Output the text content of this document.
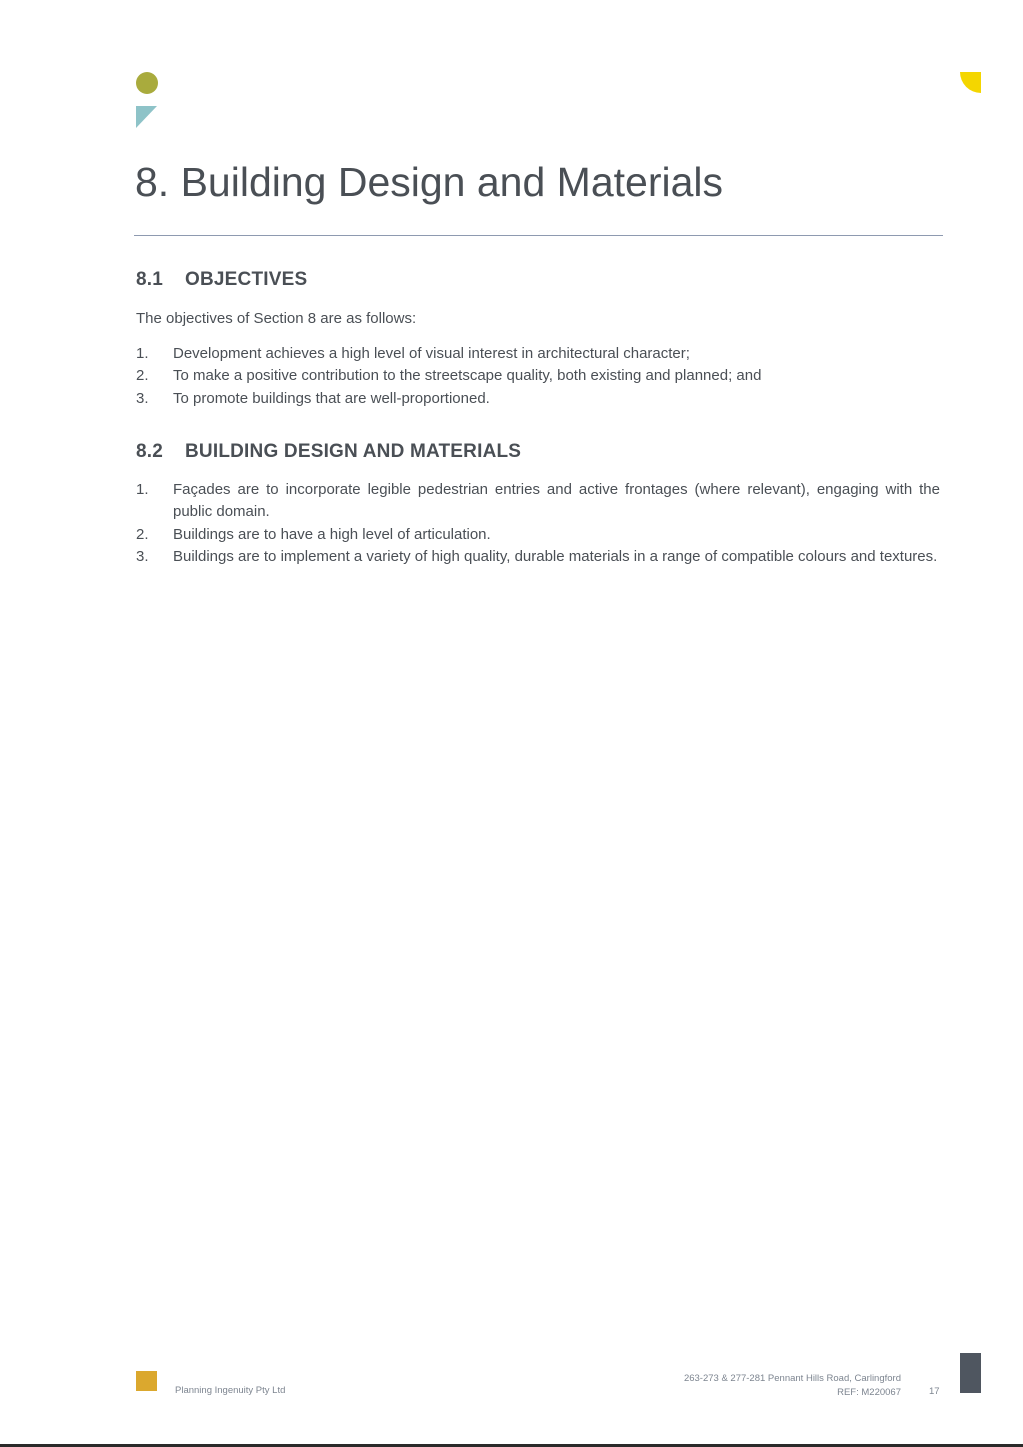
8. Building Design and Materials
8.1 OBJECTIVES
The objectives of Section 8 are as follows:
1. Development achieves a high level of visual interest in architectural character;
2. To make a positive contribution to the streetscape quality, both existing and planned; and
3. To promote buildings that are well-proportioned.
8.2 BUILDING DESIGN AND MATERIALS
1. Façades are to incorporate legible pedestrian entries and active frontages (where relevant), engaging with the public domain.
2. Buildings are to have a high level of articulation.
3. Buildings are to implement a variety of high quality, durable materials in a range of compatible colours and textures.
Planning Ingenuity Pty Ltd
263-273 & 277-281 Pennant Hills Road, Carlingford
REF: M220067	17
